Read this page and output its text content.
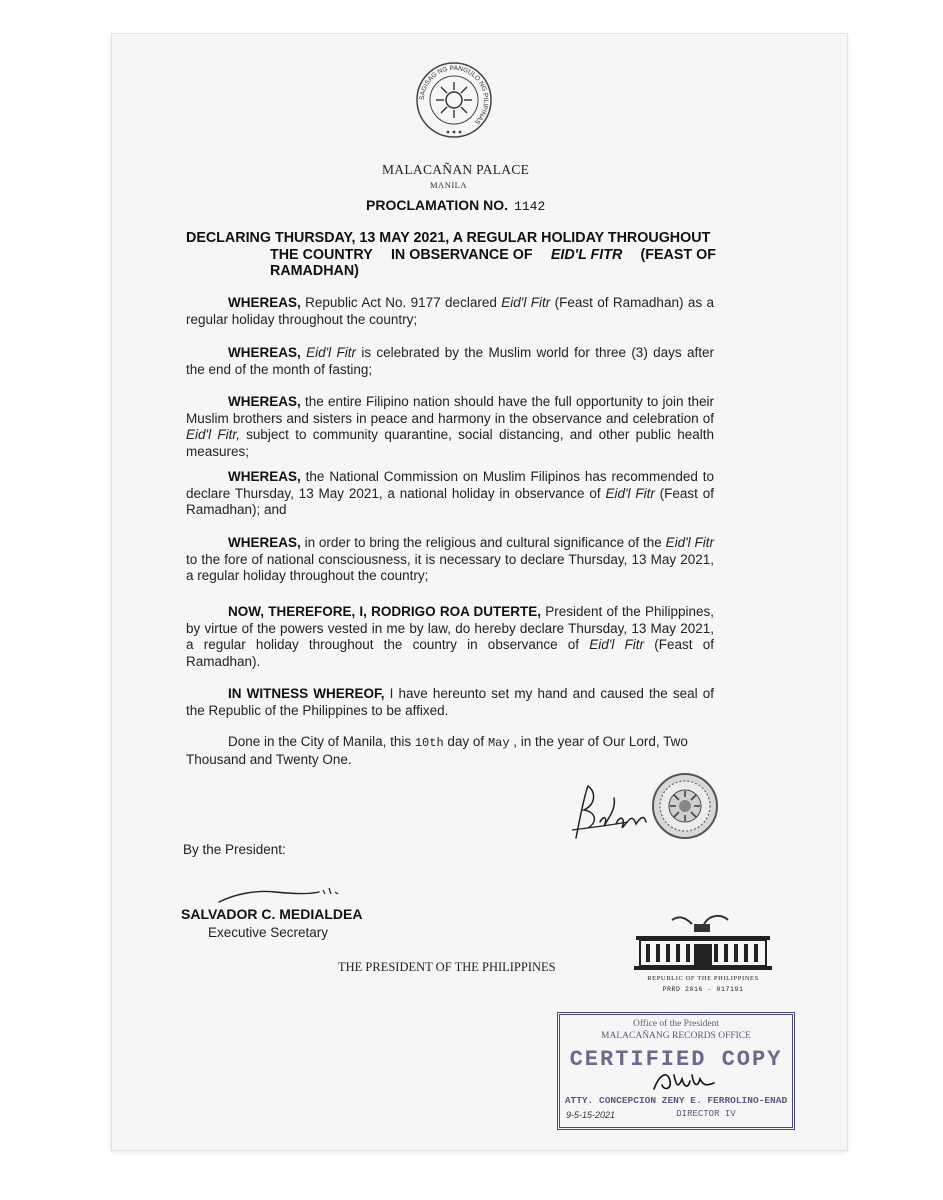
SAGISAG NG PANGULO NG PILIPINAS
MALACAÑAN PALACE
MANILA
PROCLAMATION NO. 1142
DECLARING THURSDAY, 13 MAY 2021, A REGULAR HOLIDAY THROUGHOUT
THE COUNTRY IN OBSERVANCE OF EID'L FITR (FEAST OF
RAMADHAN)
WHEREAS, Republic Act No. 9177 declared Eid'l Fitr (Feast of Ramadhan) as a regular holiday throughout the country;
WHEREAS, Eid'l Fitr is celebrated by the Muslim world for three (3) days after the end of the month of fasting;
WHEREAS, the entire Filipino nation should have the full opportunity to join their Muslim brothers and sisters in peace and harmony in the observance and celebration of Eid'l Fitr, subject to community quarantine, social distancing, and other public health measures;
WHEREAS, the National Commission on Muslim Filipinos has recommended to declare Thursday, 13 May 2021, a national holiday in observance of Eid'l Fitr (Feast of Ramadhan); and
WHEREAS, in order to bring the religious and cultural significance of the Eid'l Fitr to the fore of national consciousness, it is necessary to declare Thursday, 13 May 2021, a regular holiday throughout the country;
NOW, THEREFORE, I, RODRIGO ROA DUTERTE, President of the Philippines, by virtue of the powers vested in me by law, do hereby declare Thursday, 13 May 2021, a regular holiday throughout the country in observance of Eid'l Fitr (Feast of Ramadhan).
IN WITNESS WHEREOF, I have hereunto set my hand and caused the seal of the Republic of the Philippines to be affixed.
Done in the City of Manila, this 10th day of May , in the year of Our Lord, Two Thousand and Twenty One.
By the President:
SALVADOR C. MEDIALDEA
Executive Secretary
THE PRESIDENT OF THE PHILIPPINES
REPUBLIC OF THE PHILIPPINES
PRRD 2016 - 017191
Office of the President
MALACAÑANG RECORDS OFFICE
CERTIFIED COPY
ATTY. CONCEPCION ZENY E. FERROLINO-ENAD
DIRECTOR IV
9-5-15-2021
